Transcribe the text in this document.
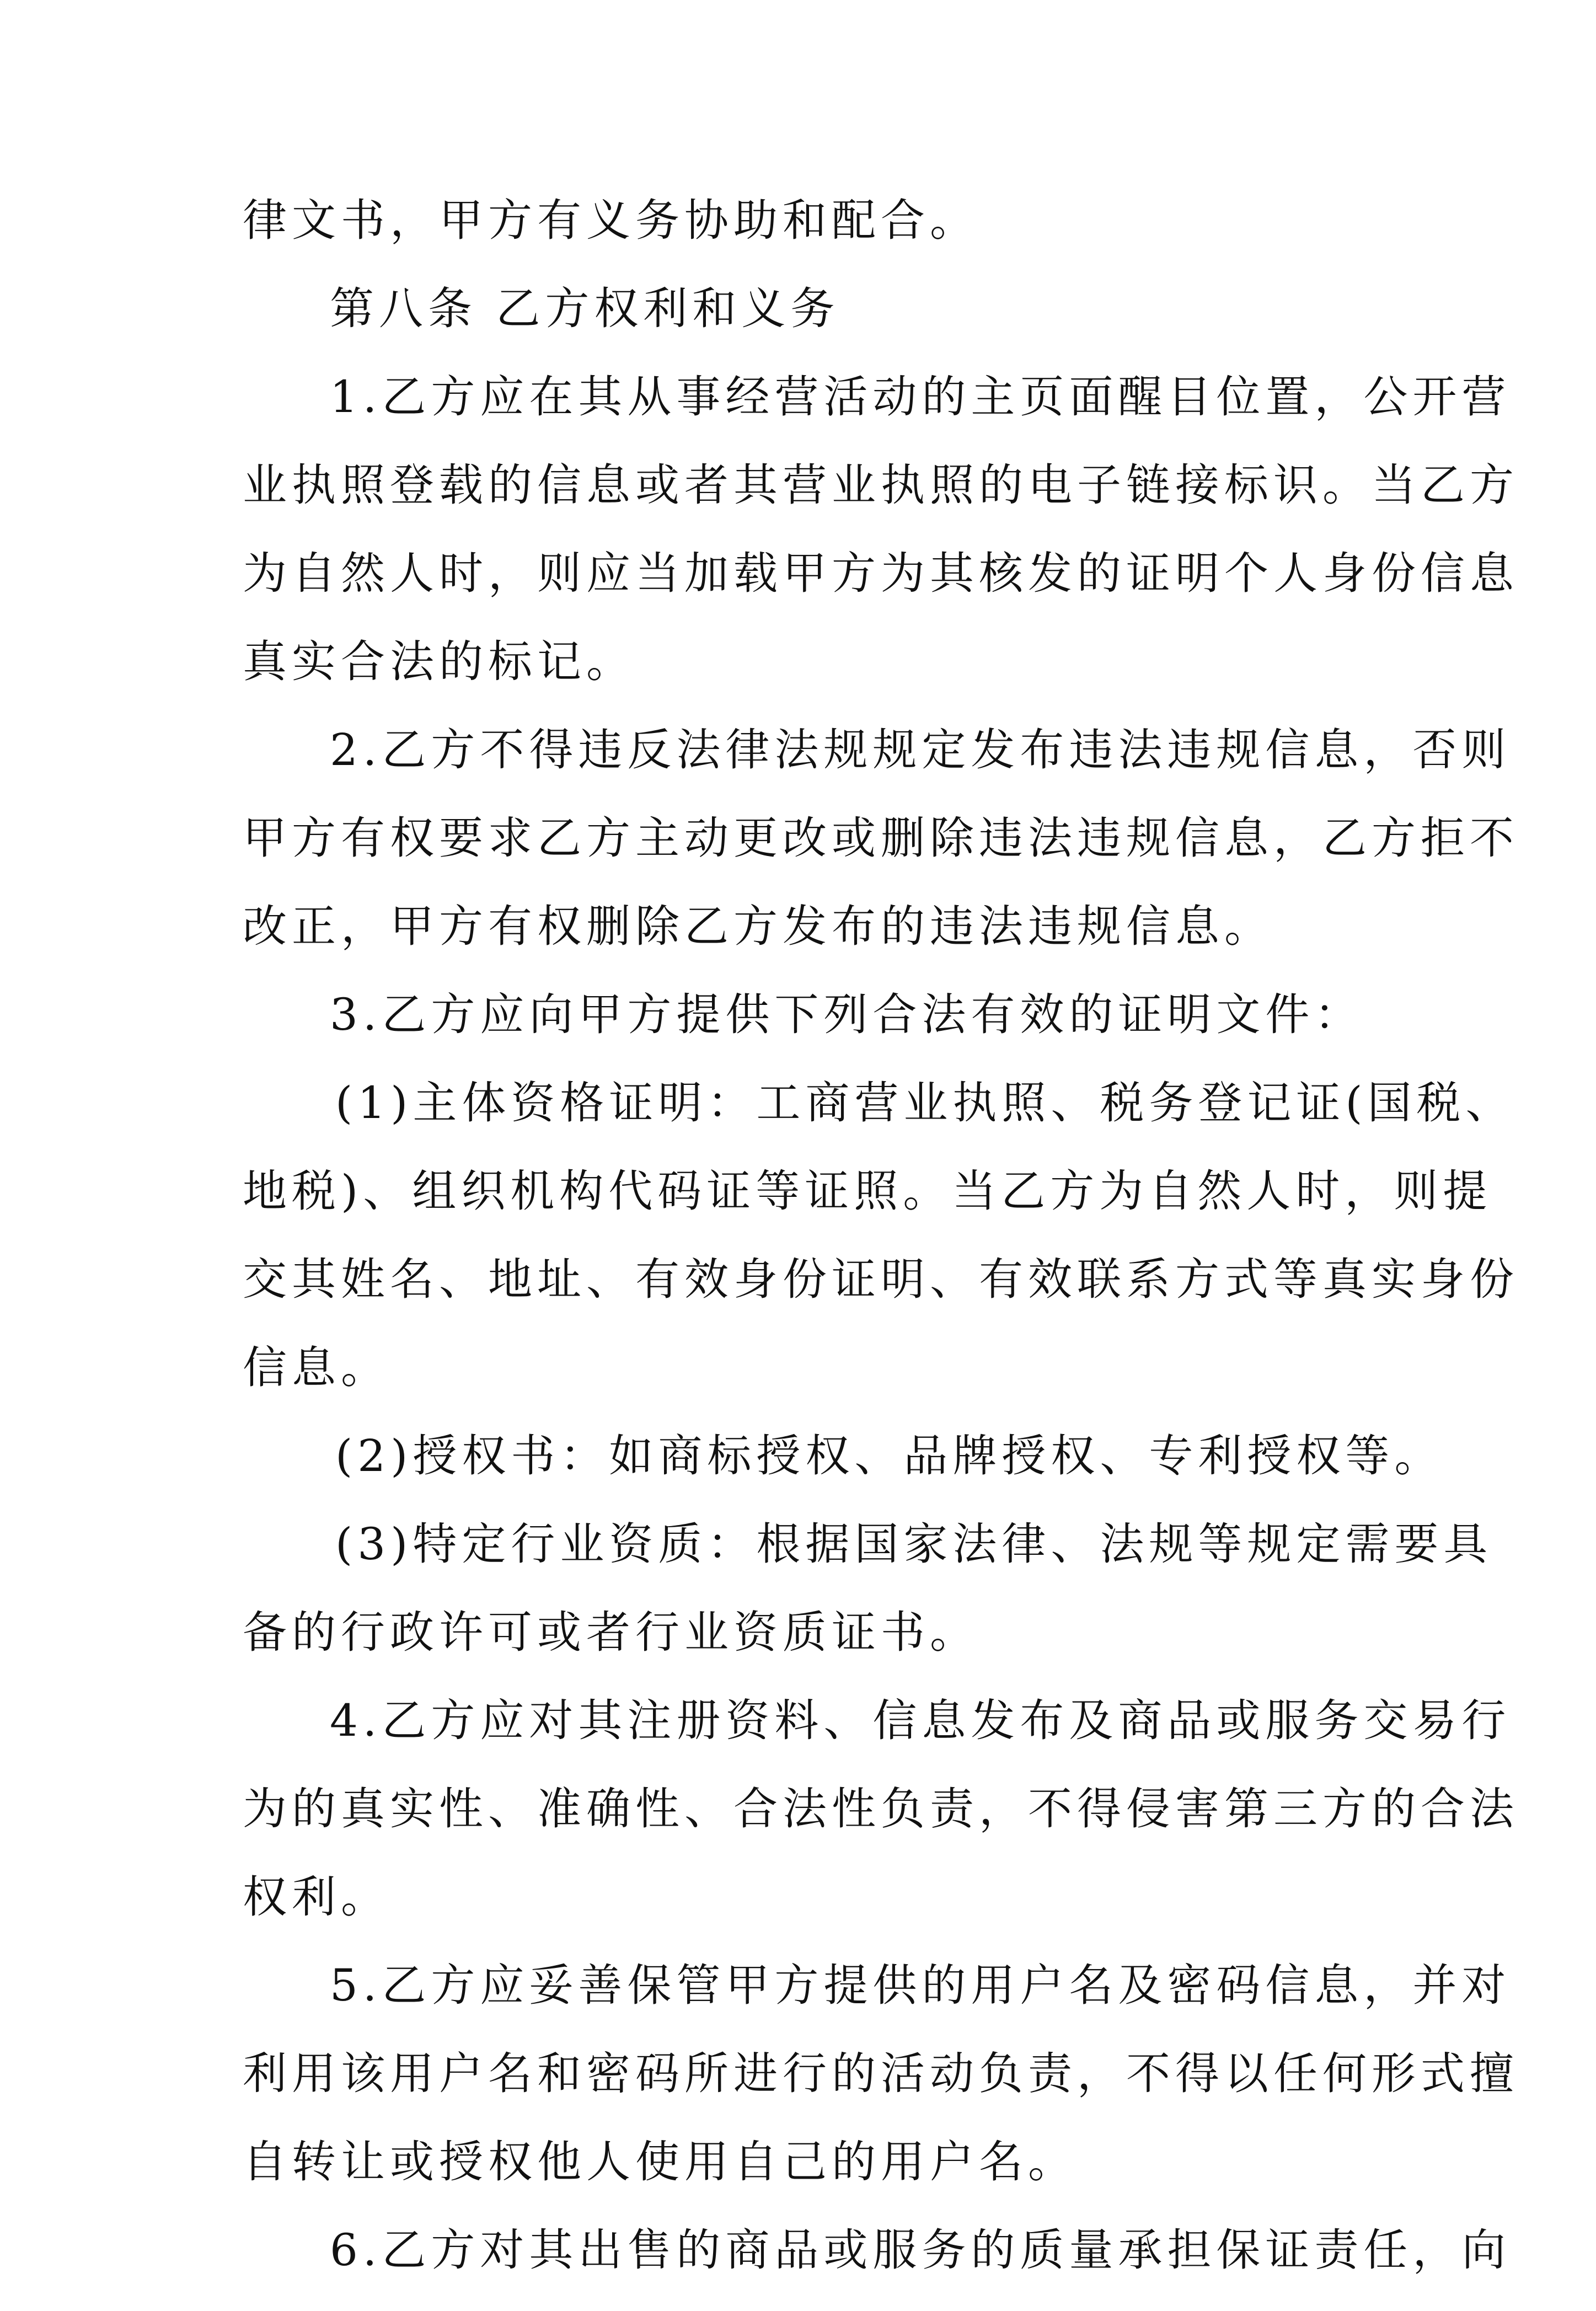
律文书，甲方有义务协助和配合。
第八条 乙方权利和义务
1.乙方应在其从事经营活动的主页面醒目位置，公开营
业执照登载的信息或者其营业执照的电子链接标识。当乙方
为自然人时，则应当加载甲方为其核发的证明个人身份信息
真实合法的标记。
2.乙方不得违反法律法规规定发布违法违规信息，否则
甲方有权要求乙方主动更改或删除违法违规信息，乙方拒不
改正，甲方有权删除乙方发布的违法违规信息。
3.乙方应向甲方提供下列合法有效的证明文件：
(1)主体资格证明：工商营业执照、税务登记证(国税、
地税)、组织机构代码证等证照。当乙方为自然人时，则提
交其姓名、地址、有效身份证明、有效联系方式等真实身份
信息。
(2)授权书：如商标授权、品牌授权、专利授权等。
(3)特定行业资质：根据国家法律、法规等规定需要具
备的行政许可或者行业资质证书。
4.乙方应对其注册资料、信息发布及商品或服务交易行
为的真实性、准确性、合法性负责，不得侵害第三方的合法
权利。
5.乙方应妥善保管甲方提供的用户名及密码信息，并对
利用该用户名和密码所进行的活动负责，不得以任何形式擅
自转让或授权他人使用自己的用户名。
6.乙方对其出售的商品或服务的质量承担保证责任，向
